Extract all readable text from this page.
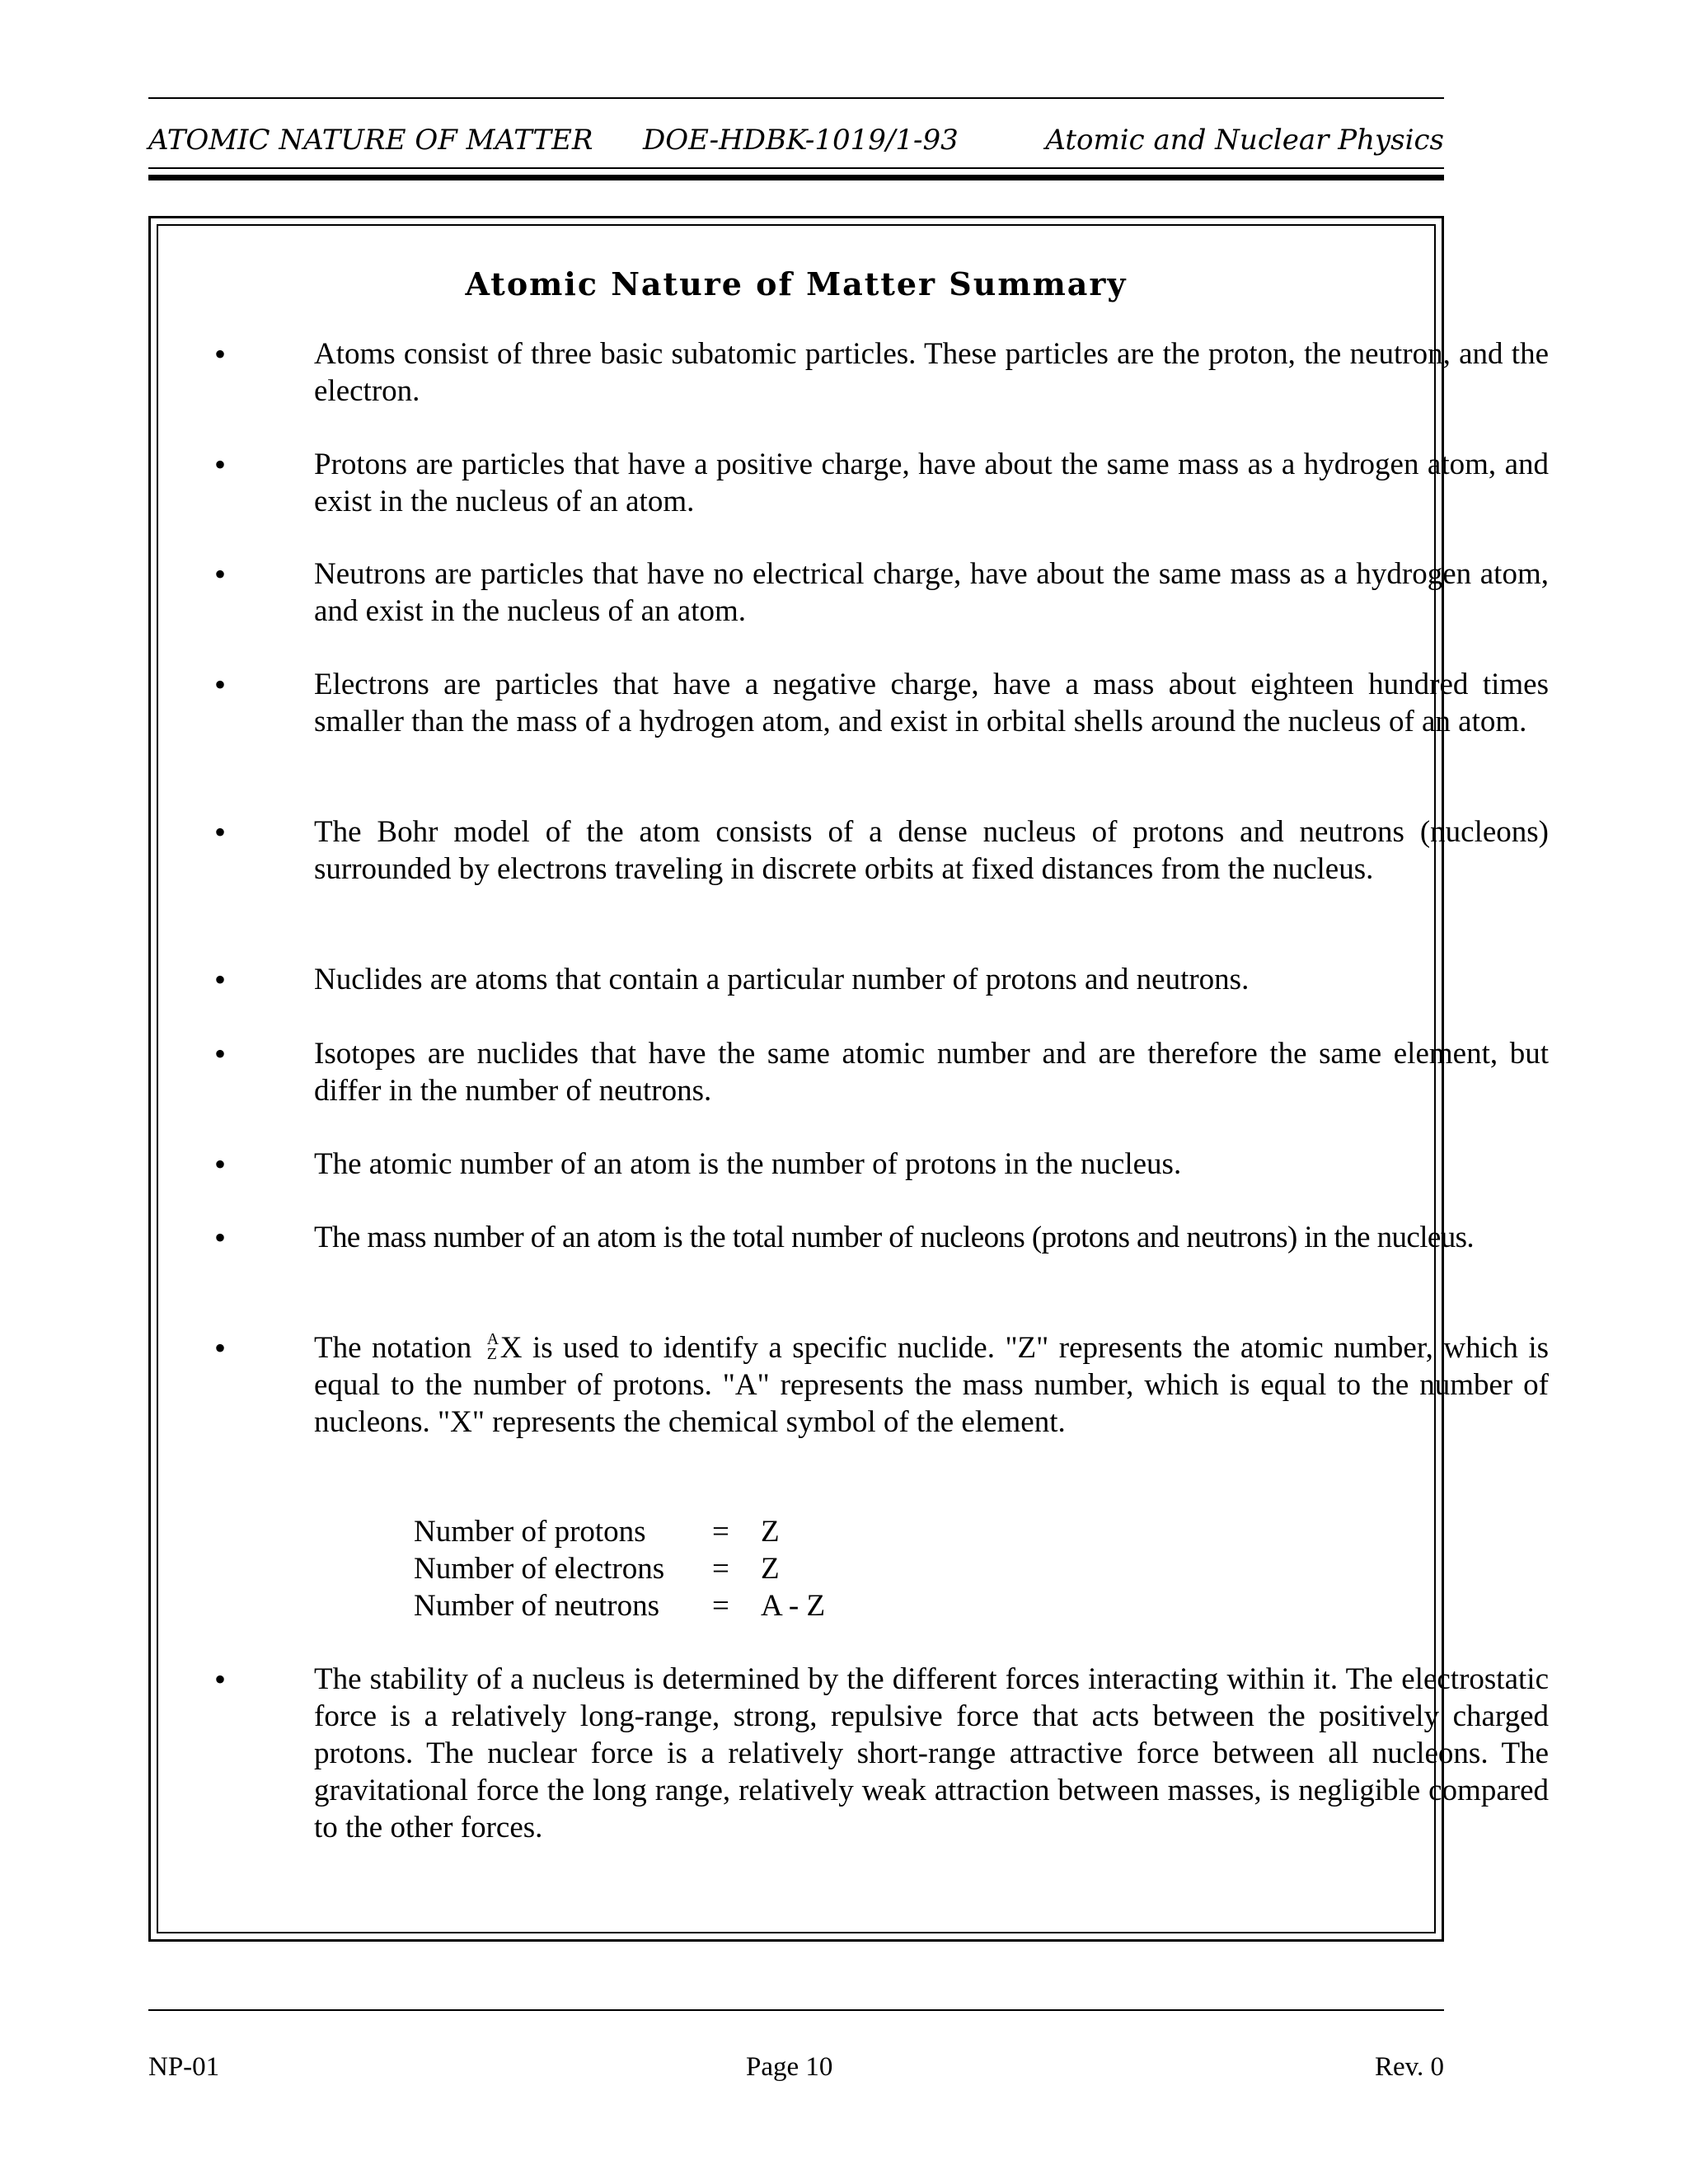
ATOMIC NATURE OF MATTER DOE-HDBK-1019/1-93	Atomic and Nuclear Physics
Atomic Nature of Matter Summary
•	Atoms consist of three basic subatomic particles. These particles are the proton, the neutron, and the electron.
•	Protons are particles that have a positive charge, have about the same mass as a hydrogen atom, and exist in the nucleus of an atom.
•	Neutrons are particles that have no electrical charge, have about the same mass as a hydrogen atom, and exist in the nucleus of an atom.
•	Electrons are particles that have a negative charge, have a mass about eighteen hundred times smaller than the mass of a hydrogen atom, and exist in orbital shells around the nucleus of an atom.
•	The Bohr model of the atom consists of a dense nucleus of protons and neutrons (nucleons) surrounded by electrons traveling in discrete orbits at fixed distances from the nucleus.
•	Nuclides are atoms that contain a particular number of protons and neutrons.
•	Isotopes are nuclides that have the same atomic number and are therefore the same element, but differ in the number of neutrons.
•	The atomic number of an atom is the number of protons in the nucleus.
•	The mass number of an atom is the total number of nucleons (protons and neutrons) in the nucleus.
•	The notation A
Z X is used to identify a specific nuclide. "Z" represents the atomic number, which is equal to the number of protons. "A" represents the mass number, which is equal to the number of nucleons. "X" represents the chemical symbol of the element.
Number of protons = Z
Number of electrons = Z
Number of neutrons = A - Z
•	The stability of a nucleus is determined by the different forces interacting within it. The electrostatic force is a relatively long-range, strong, repulsive force that acts between the positively charged protons. The nuclear force is a relatively short-range attractive force between all nucleons. The gravitational force the long range, relatively weak attraction between masses, is negligible compared to the other forces.
NP-01	Page 10	Rev. 0
